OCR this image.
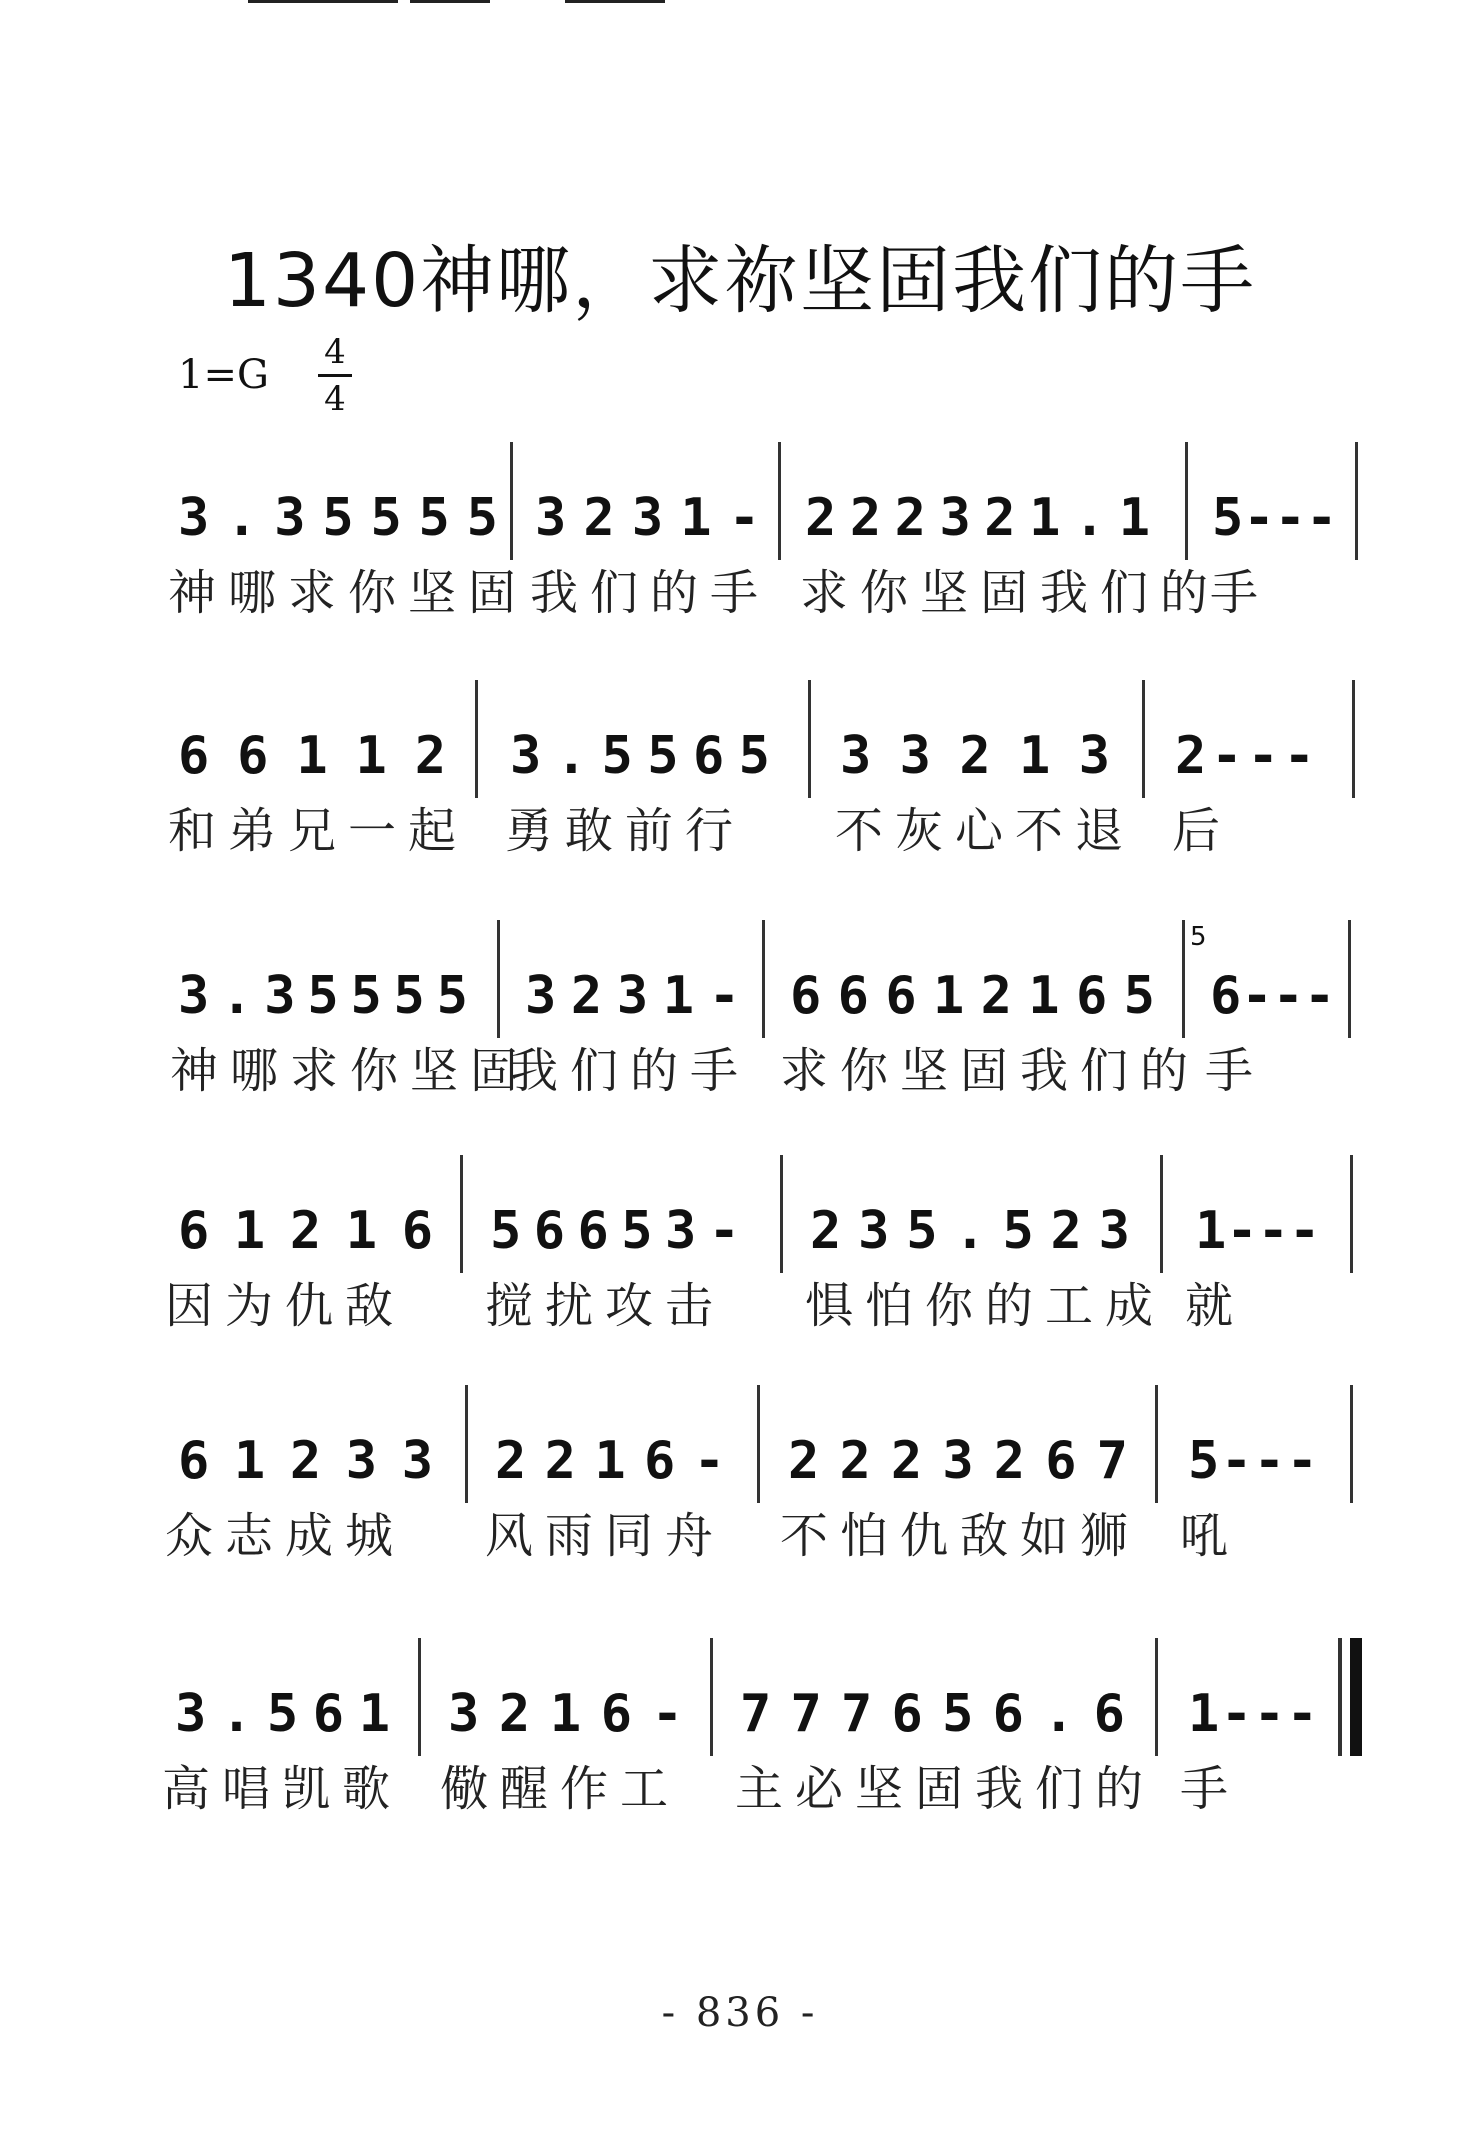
1340神哪，求祢坚固我们的手
1=G 4
4
3 . 3 5 5 5 5 3 2 3 1 - 2 2 2 3 2 1 . 1 5 - - -
神哪求你坚固 我们的手 求你坚固我们的
手
6 6 1 1 2 3 . 5 5 6 5 3 3 2 1 3 2 - - -
和弟兄一起 勇敢前行 不灰心不退 后
3 . 3 5 5 5 5 3 2 3 1 - 6 6 6 1 2 1 6 5 6 - - -
5
神哪求你坚固
我们的手 求你坚固我们的 手
6 1 2 1 6 5 6 6 5 3 - 2 3 5 . 5 2 3 1 - - -
因为仇敌 搅扰攻击 惧怕你的工成 就
6 1 2 3 3 2 2 1 6 - 2 2 2 3 2 6 7 5 - - -
众志成城 风雨同舟 不怕仇敌如狮 吼
3 . 5 6 1 3 2 1 6 - 7 7 7 6 5 6 . 6 1 - - -
高唱凯歌 儆醒作工 主必坚固我们的 手
- 836 -
